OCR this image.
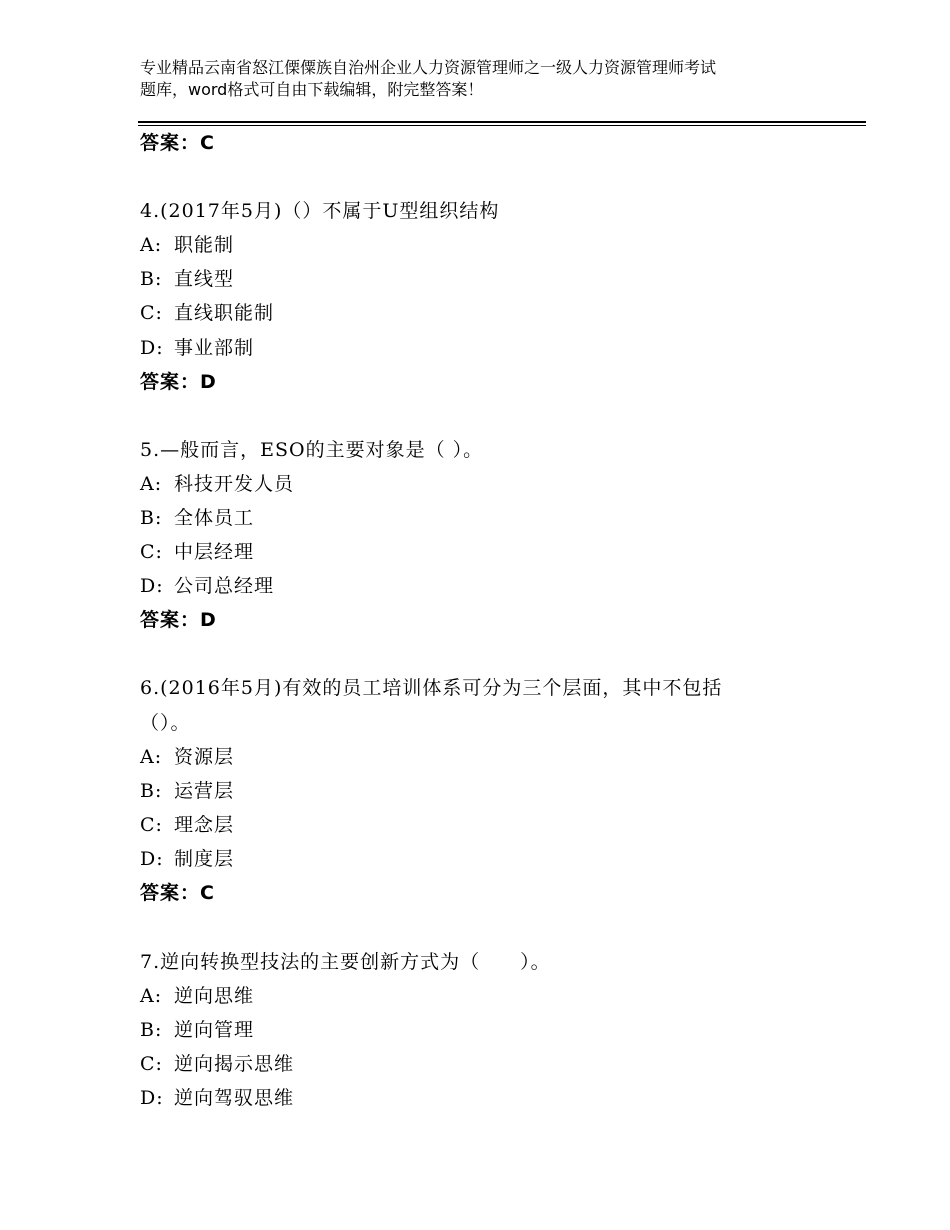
专业精品云南省怒江傈僳族自治州企业人力资源管理师之一级人力资源管理师考试
题库，word格式可自由下载编辑，附完整答案！
答案：C
4.(2017年5月)（）不属于U型组织结构
A: 职能制
B: 直线型
C: 直线职能制
D: 事业部制
答案：D
5.—般而言，ESO的主要对象是（ ）。
A: 科技开发人员
B: 全体员工
C: 中层经理
D: 公司总经理
答案：D
6.(2016年5月)有效的员工培训体系可分为三个层面，其中不包括
（）。
A: 资源层
B: 运营层
C: 理念层
D: 制度层
答案：C
7.逆向转换型技法的主要创新方式为（　　）。
A: 逆向思维
B: 逆向管理
C: 逆向揭示思维
D: 逆向驾驭思维
